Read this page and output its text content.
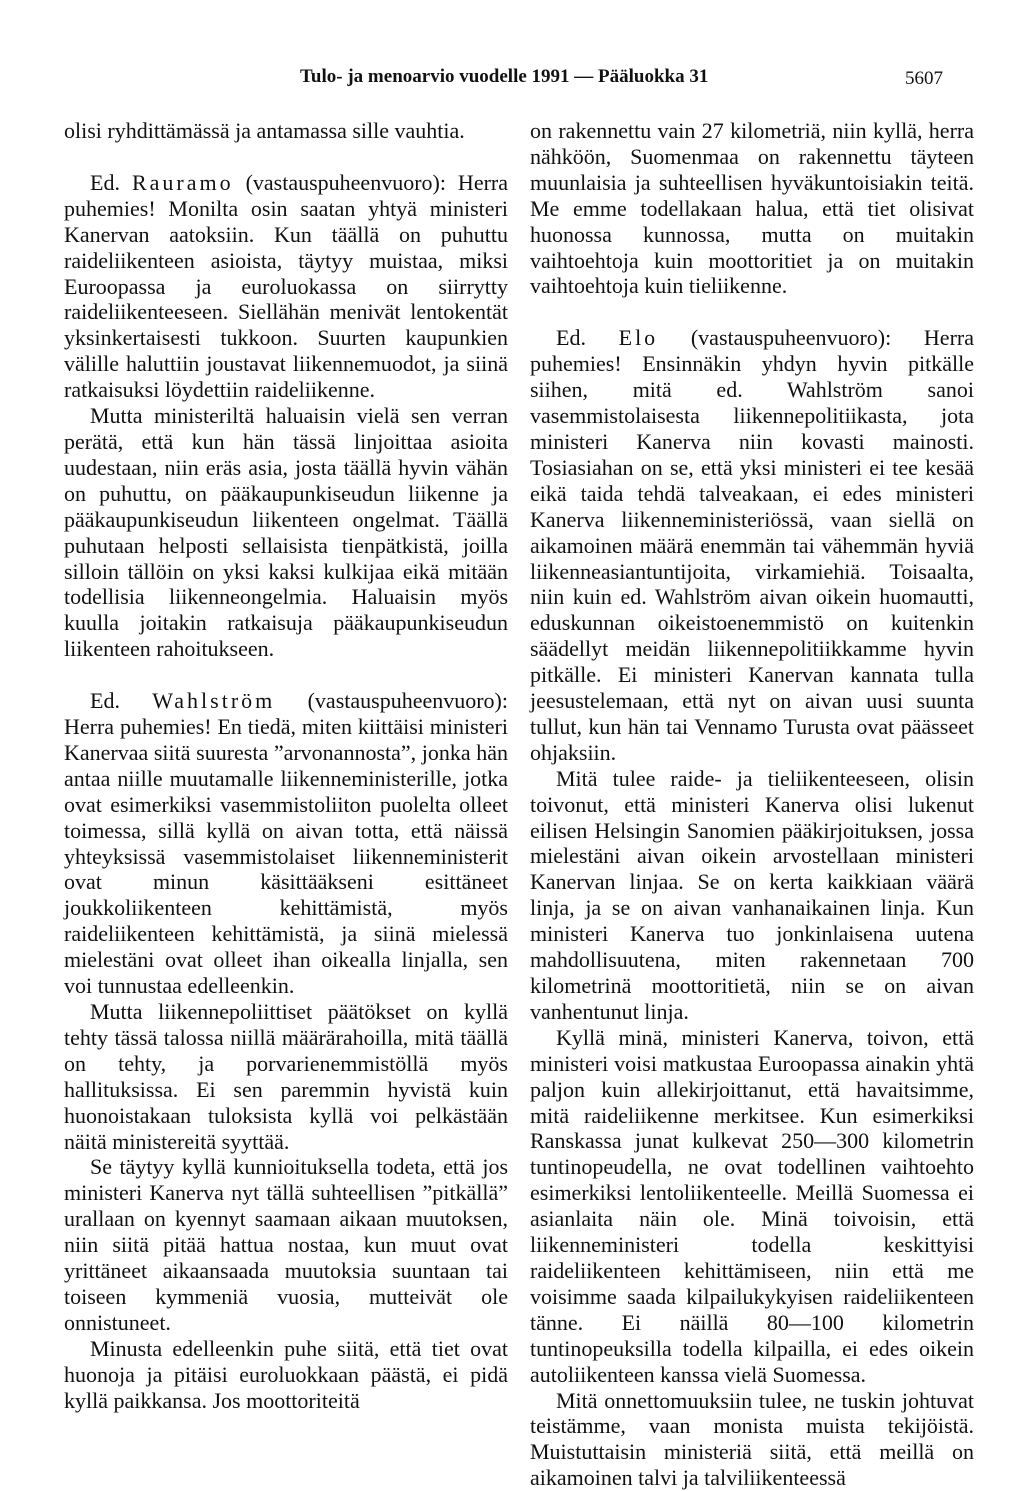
Tulo- ja menoarvio vuodelle 1991 — Pääluokka 31	5607

olisi ryhdittämässä ja antamassa sille vauhtia.

Ed. Rauramo (vastauspuheenvuoro): Herra puhemies! Monilta osin saatan yhtyä ministeri Kanervan aatoksiin. Kun täällä on puhuttu raideliikenteen asioista, täytyy muistaa, miksi Euroopassa ja euroluokassa on siirrytty raideliikenteeseen. Siellähän menivät lentokentät yksinkertaisesti tukkoon. Suurten kaupunkien välille haluttiin joustavat liikennemuodot, ja siinä ratkaisuksi löydettiin raideliikenne.

Mutta ministeriltä haluaisin vielä sen verran perätä, että kun hän tässä linjoittaa asioita uudestaan, niin eräs asia, josta täällä hyvin vähän on puhuttu, on pääkaupunkiseudun liikenne ja pääkaupunkiseudun liikenteen ongelmat. Täällä puhutaan helposti sellaisista tienpätkistä, joilla silloin tällöin on yksi kaksi kulkijaa eikä mitään todellisia liikenneongelmia. Haluaisin myös kuulla joitakin ratkaisuja pääkaupunkiseudun liikenteen rahoitukseen.

Ed. Wahlström (vastauspuheenvuoro): Herra puhemies! En tiedä, miten kiittäisi ministeri Kanervaa siitä suuresta ”arvonannosta”, jonka hän antaa niille muutamalle liikenneministerille, jotka ovat esimerkiksi vasemmistoliiton puolelta olleet toimessa, sillä kyllä on aivan totta, että näissä yhteyksissä vasemmistolaiset liikenneministerit ovat minun käsittääkseni esittäneet joukkoliikenteen kehittämistä, myös raideliikenteen kehittämistä, ja siinä mielessä mielestäni ovat olleet ihan oikealla linjalla, sen voi tunnustaa edelleenkin.

Mutta liikennepoliittiset päätökset on kyllä tehty tässä talossa niillä määrärahoilla, mitä täällä on tehty, ja porvarienemmistöllä myös hallituksissa. Ei sen paremmin hyvistä kuin huonoistakaan tuloksista kyllä voi pelkästään näitä ministereitä syyttää.

Se täytyy kyllä kunnioituksella todeta, että jos ministeri Kanerva nyt tällä suhteellisen ”pitkällä” urallaan on kyennyt saamaan aikaan muutoksen, niin siitä pitää hattua nostaa, kun muut ovat yrittäneet aikaansaada muutoksia suuntaan tai toiseen kymmeniä vuosia, mutteivät ole onnistuneet.

Minusta edelleenkin puhe siitä, että tiet ovat huonoja ja pitäisi euroluokkaan päästä, ei pidä kyllä paikkansa. Jos moottoriteitä

on rakennettu vain 27 kilometriä, niin kyllä, herra nähköön, Suomenmaa on rakennettu täyteen muunlaisia ja suhteellisen hyväkuntoisiakin teitä. Me emme todellakaan halua, että tiet olisivat huonossa kunnossa, mutta on muitakin vaihtoehtoja kuin moottoritiet ja on muitakin vaihtoehtoja kuin tieliikenne.

Ed. Elo (vastauspuheenvuoro): Herra puhemies! Ensinnäkin yhdyn hyvin pitkälle siihen, mitä ed. Wahlström sanoi vasemmistolaisesta liikennepolitiikasta, jota ministeri Kanerva niin kovasti mainosti. Tosiasiahan on se, että yksi ministeri ei tee kesää eikä taida tehdä talveakaan, ei edes ministeri Kanerva liikenneministeriössä, vaan siellä on aikamoinen määrä enemmän tai vähemmän hyviä liikenneasiantuntijoita, virkamiehiä. Toisaalta, niin kuin ed. Wahlström aivan oikein huomautti, eduskunnan oikeistoenemmistö on kuitenkin säädellyt meidän liikennepolitiikkamme hyvin pitkälle. Ei ministeri Kanervan kannata tulla jeesustelemaan, että nyt on aivan uusi suunta tullut, kun hän tai Vennamo Turusta ovat päässeet ohjaksiin.

Mitä tulee raide- ja tieliikenteeseen, olisin toivonut, että ministeri Kanerva olisi lukenut eilisen Helsingin Sanomien pääkirjoituksen, jossa mielestäni aivan oikein arvostellaan ministeri Kanervan linjaa. Se on kerta kaikkiaan väärä linja, ja se on aivan vanhanaikainen linja. Kun ministeri Kanerva tuo jonkinlaisena uutena mahdollisuutena, miten rakennetaan 700 kilometrinä moottoritietä, niin se on aivan vanhentunut linja.

Kyllä minä, ministeri Kanerva, toivon, että ministeri voisi matkustaa Euroopassa ainakin yhtä paljon kuin allekirjoittanut, että havaitsimme, mitä raideliikenne merkitsee. Kun esimerkiksi Ranskassa junat kulkevat 250—300 kilometrin tuntinopeudella, ne ovat todellinen vaihtoehto esimerkiksi lentoliikenteelle. Meillä Suomessa ei asianlaita näin ole. Minä toivoisin, että liikenneministeri todella keskittyisi raideliikenteen kehittämiseen, niin että me voisimme saada kilpailukykyisen raideliikenteen tänne. Ei näillä 80—100 kilometrin tuntinopeuksilla todella kilpailla, ei edes oikein autoliikenteen kanssa vielä Suomessa.

Mitä onnettomuuksiin tulee, ne tuskin johtuvat teistämme, vaan monista muista tekijöistä. Muistuttaisin ministeriä siitä, että meillä on aikamoinen talvi ja talviliikenteessä
